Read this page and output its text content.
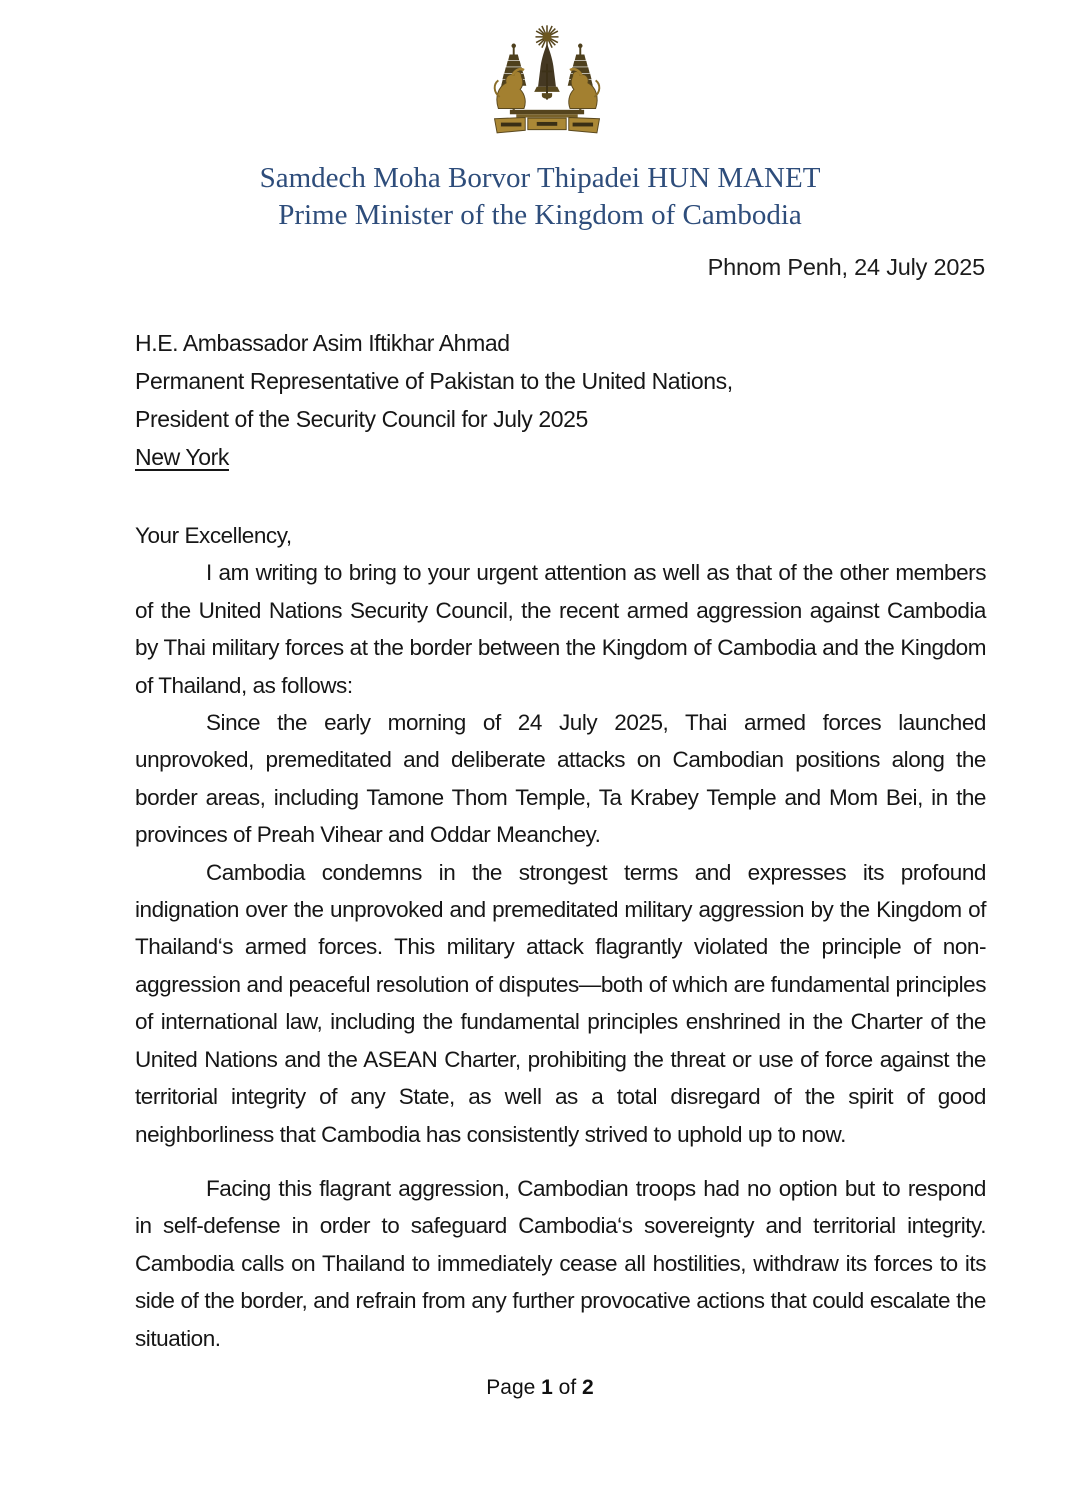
Samdech Moha Borvor Thipadei HUN MANET
Prime Minister of the Kingdom of Cambodia
Phnom Penh, 24 July 2025
H.E. Ambassador Asim Iftikhar Ahmad
Permanent Representative of Pakistan to the United Nations,
President of the Security Council for July 2025
New York

Your Excellency,

I am writing to bring to your urgent attention as well as that of the other members of the United Nations Security Council, the recent armed aggression against Cambodia by Thai military forces at the border between the Kingdom of Cambodia and the Kingdom of Thailand, as follows:

Since the early morning of 24 July 2025, Thai armed forces launched unprovoked, premeditated and deliberate attacks on Cambodian positions along the border areas, including Tamone Thom Temple, Ta Krabey Temple and Mom Bei, in the provinces of Preah Vihear and Oddar Meanchey.

Cambodia condemns in the strongest terms and expresses its profound indignation over the unprovoked and premeditated military aggression by the Kingdom of Thailand‘s armed forces. This military attack flagrantly violated the principle of non-aggression and peaceful resolution of disputes—both of which are fundamental principles of international law, including the fundamental principles enshrined in the Charter of the United Nations and the ASEAN Charter, prohibiting the threat or use of force against the territorial integrity of any State, as well as a total disregard of the spirit of good neighborliness that Cambodia has consistently strived to uphold up to now.

Facing this flagrant aggression, Cambodian troops had no option but to respond in self-defense in order to safeguard Cambodia‘s sovereignty and territorial integrity. Cambodia calls on Thailand to immediately cease all hostilities, withdraw its forces to its side of the border, and refrain from any further provocative actions that could escalate the situation.

Page 1 of 2
